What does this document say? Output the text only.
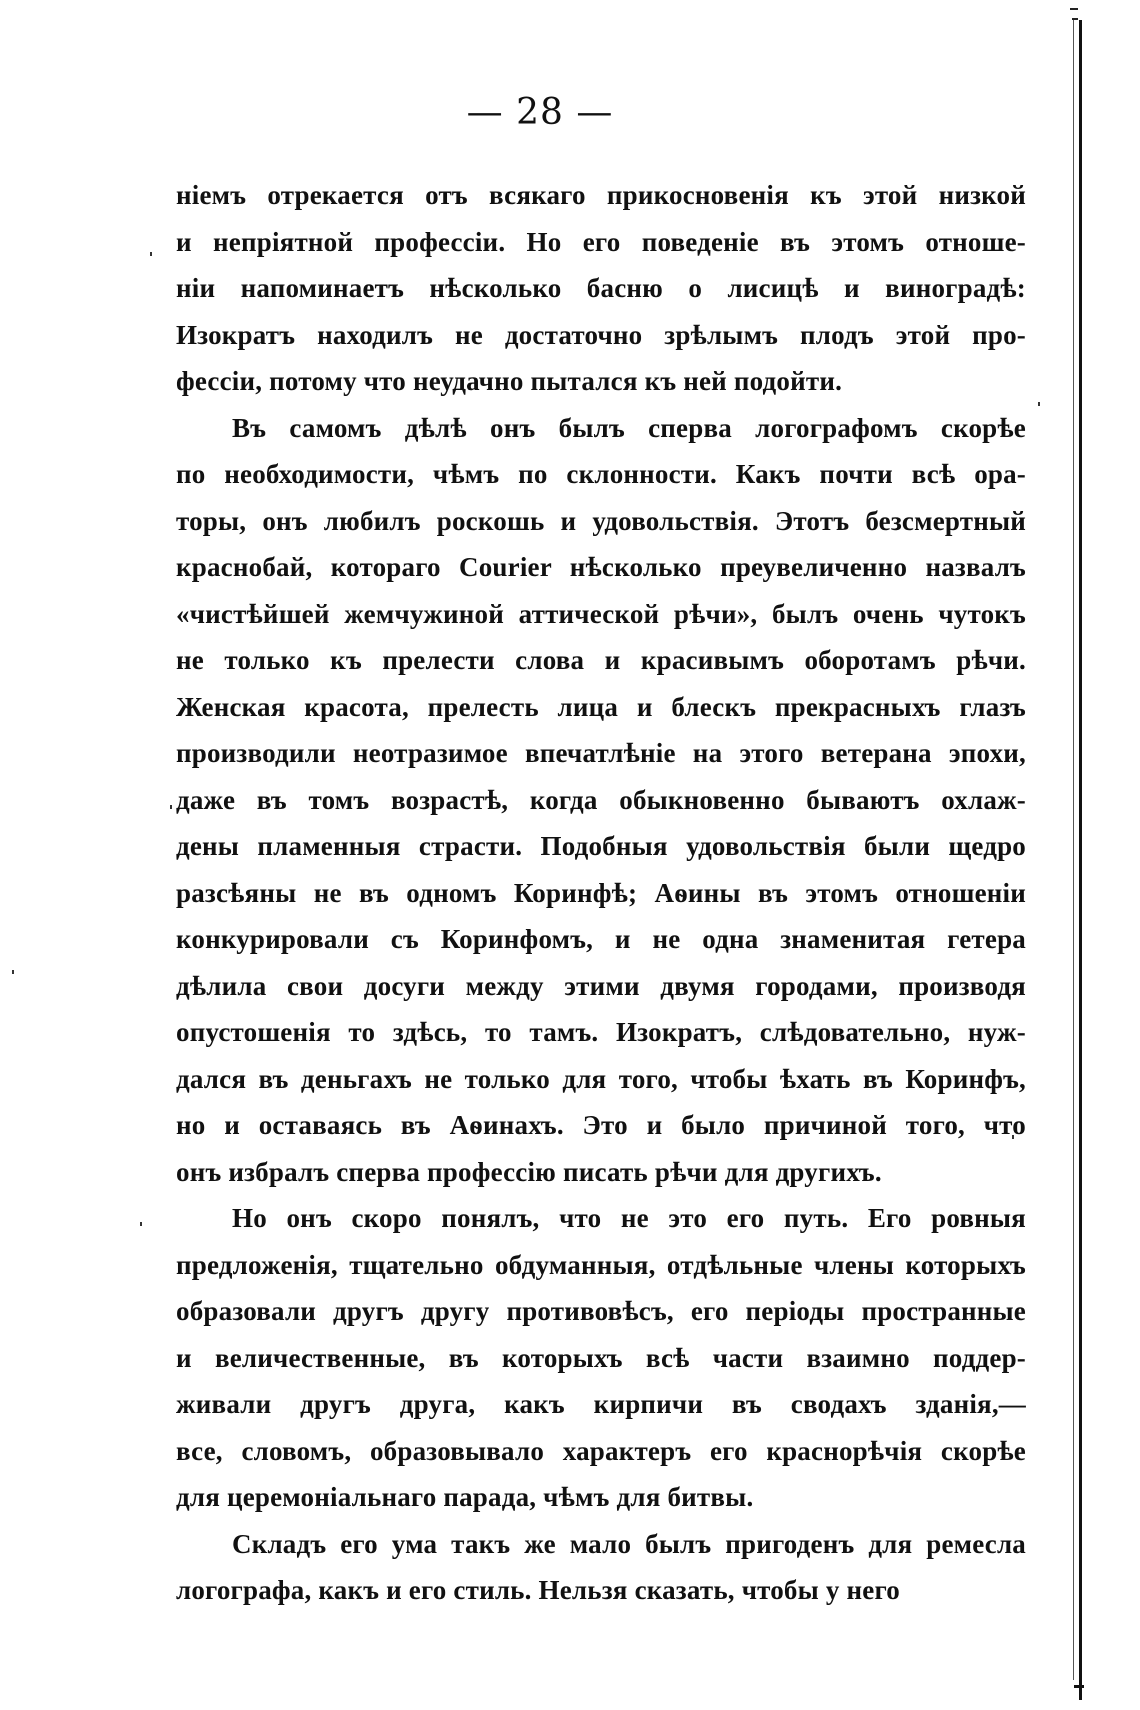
— 28 —
ніемъ отрекается отъ всякаго прикосновенія къ этой низкой
и непріятной профессіи. Но его поведеніе въ этомъ отноше-
ніи напоминаетъ нѣсколько басню о лисицѣ и виноградѣ:
Изократъ находилъ не достаточно зрѣлымъ плодъ этой про-
фессіи, потому что неудачно пытался къ ней подойти.
Въ самомъ дѣлѣ онъ былъ сперва логографомъ скорѣе
по необходимости, чѣмъ по склонности. Какъ почти всѣ ора-
торы, онъ любилъ роскошь и удовольствія. Этотъ безсмертный
краснобай, котораго Courier нѣсколько преувеличенно назвалъ
«чистѣйшей жемчужиной аттической рѣчи», былъ очень чутокъ
не только къ прелести слова и красивымъ оборотамъ рѣчи.
Женская красота, прелесть лица и блескъ прекрасныхъ глазъ
производили неотразимое впечатлѣніе на этого ветерана эпохи,
даже въ томъ возрастѣ, когда обыкновенно бываютъ охлаж-
дены пламенныя страсти. Подобныя удовольствія были щедро
разсѣяны не въ одномъ Коринфѣ; Аѳины въ этомъ отношеніи
конкурировали съ Коринфомъ, и не одна знаменитая гетера
дѣлила свои досуги между этими двумя городами, производя
опустошенія то здѣсь, то тамъ. Изократъ, слѣдовательно, нуж-
дался въ деньгахъ не только для того, чтобы ѣхать въ Коринфъ,
но и оставаясь въ Аѳинахъ. Это и было причиной того, что
онъ избралъ сперва профессію писать рѣчи для другихъ.
Но онъ скоро понялъ, что не это его путь. Его ровныя
предложенія, тщательно обдуманныя, отдѣльные члены которыхъ
образовали другъ другу противовѣсъ, его періоды пространные
и величественные, въ которыхъ всѣ части взаимно поддер-
живали другъ друга, какъ кирпичи въ сводахъ зданія,—
все, словомъ, образовывало характеръ его краснорѣчія скорѣе
для церемоніальнаго парада, чѣмъ для битвы.
Складъ его ума такъ же мало былъ пригоденъ для ремесла
логографа, какъ и его стиль. Нельзя сказать, чтобы у него
